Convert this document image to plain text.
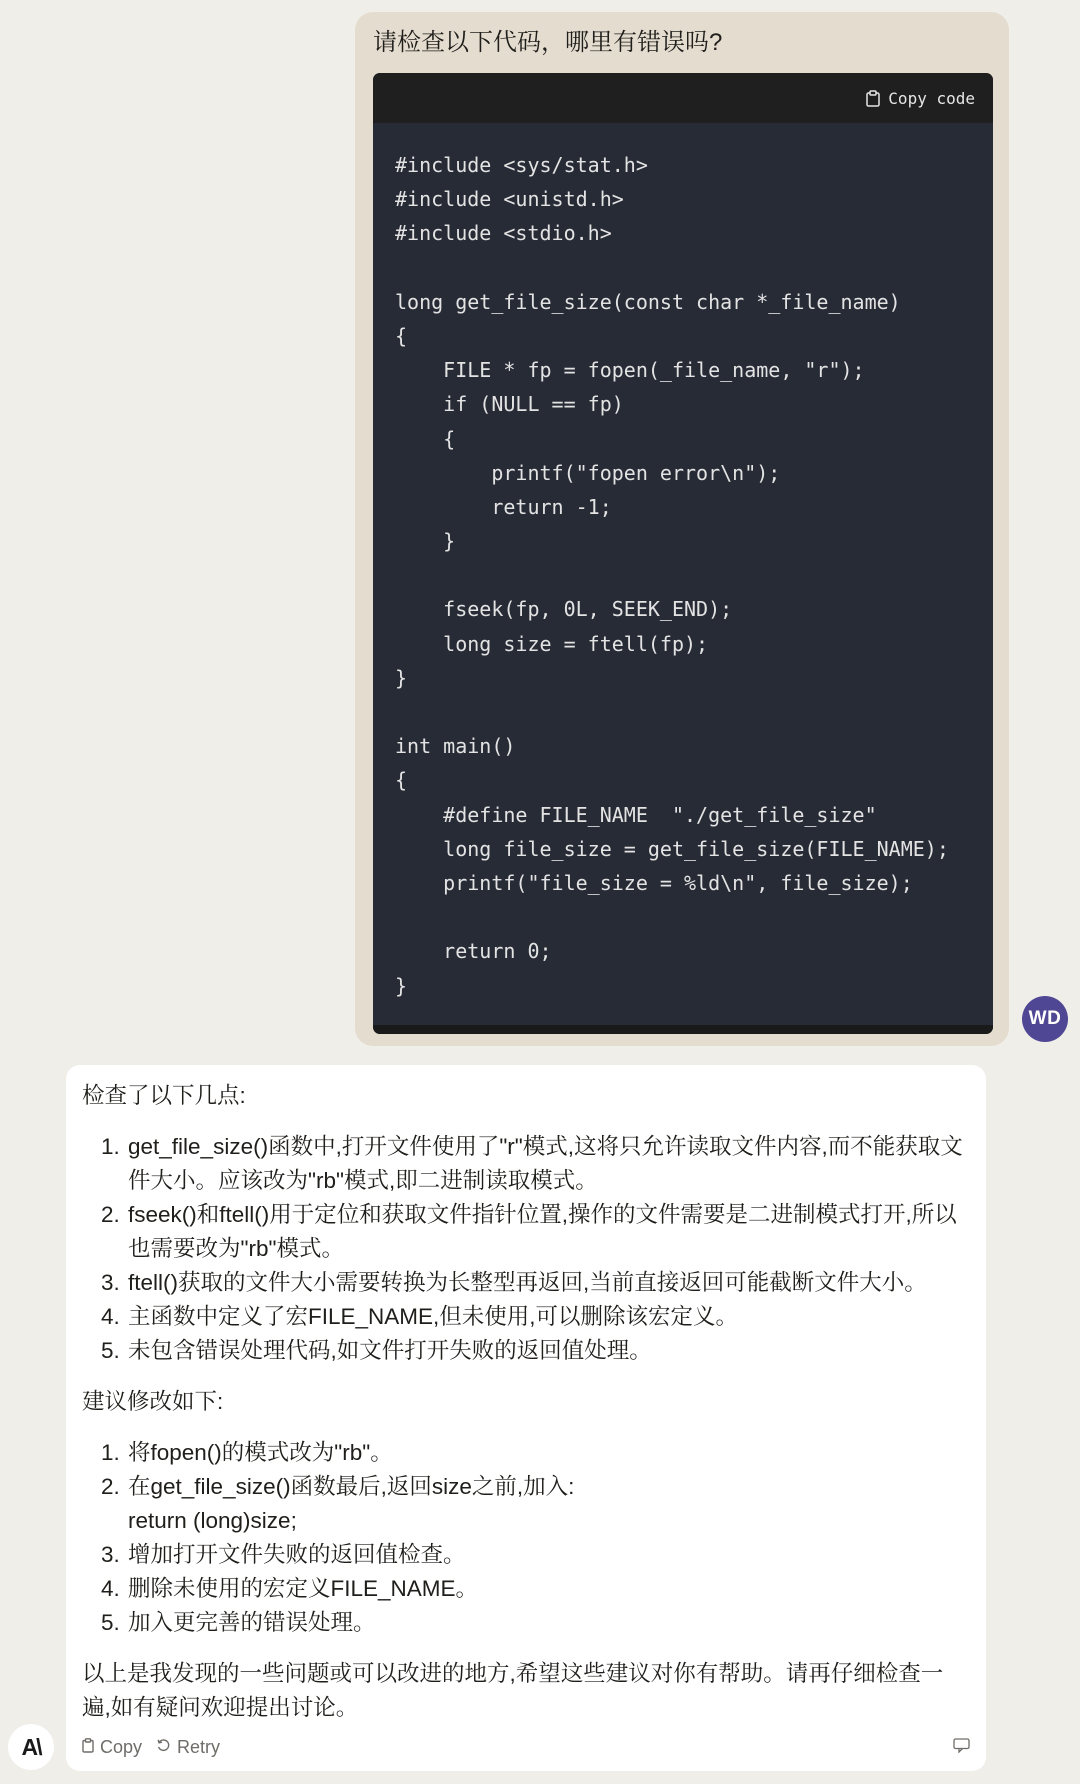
请检查以下代码，哪里有错误吗?

Copy code
#include <sys/stat.h>
#include <unistd.h>
#include <stdio.h>

long get_file_size(const char *_file_name)
{
FILE * fp = fopen(_file_name, "r");
if (NULL == fp)
{
printf("fopen error\n");
return -1;
}

fseek(fp, 0L, SEEK_END);
long size = ftell(fp);
}

int main()
{
#define FILE_NAME  "./get_file_size"
long file_size = get_file_size(FILE_NAME);
printf("file_size = %ld\n", file_size);

return 0;
}
WD

检查了以下几点:

1. get_file_size()函数中,打开文件使用了"r"模式,这将只允许读取文件内容,而不能获取文件大小。应该改为"rb"模式,即二进制读取模式。
2. fseek()和ftell()用于定位和获取文件指针位置,操作的文件需要是二进制模式打开,所以也需要改为"rb"模式。
3. ftell()获取的文件大小需要转换为长整型再返回,当前直接返回可能截断文件大小。
4. 主函数中定义了宏FILE_NAME,但未使用,可以删除该宏定义。
5. 未包含错误处理代码,如文件打开失败的返回值处理。

建议修改如下:

1. 将fopen()的模式改为"rb"。
2. 在get_file_size()函数最后,返回size之前,加入:
return (long)size;
3. 增加打开文件失败的返回值检查。
4. 删除未使用的宏定义FILE_NAME。
5. 加入更完善的错误处理。

以上是我发现的一些问题或可以改进的地方,希望这些建议对你有帮助。请再仔细检查一遍,如有疑问欢迎提出讨论。

Copy Retry
A\
